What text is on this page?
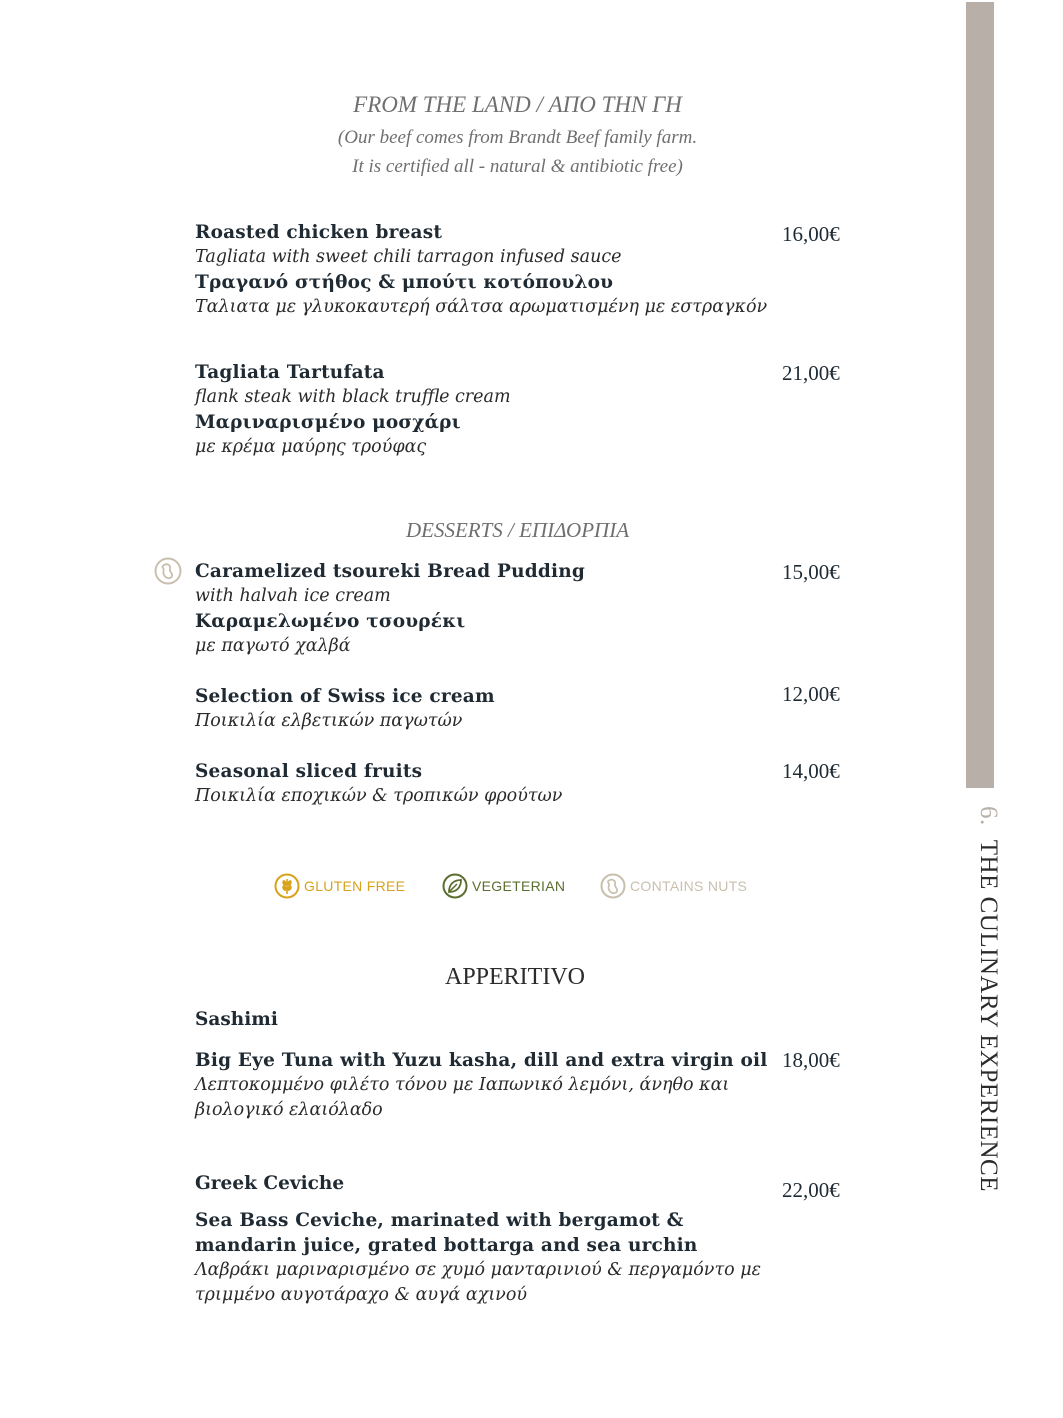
6.THE CULINARY EXPERIENCE
FROM THE LAND / ΑΠΟ ΤΗΝ ΓΗ
(Our beef comes from Brandt Beef family farm.
It is certified all - natural & antibiotic free)
Roasted chicken breast
Tagliata with sweet chili tarragon infused sauce
Τραγανό στήθος & μπούτι κοτόπουλου
Ταλιατα με γλυκοκαυτερή σάλτσα αρωματισμένη με εστραγκόν
16,00€
Tagliata Tartufata
flank steak with black truffle cream
Μαριναρισμένο μοσχάρι
με κρέμα μαύρης τρούφας
21,00€
DESSERTS / ΕΠΙΔΟΡΠΙΑ
Caramelized tsoureki Bread Pudding
with halvah ice cream
Καραμελωμένο τσουρέκι
με παγωτό χαλβά
15,00€
Selection of Swiss ice cream
Ποικιλία ελβετικών παγωτών
12,00€
Seasonal sliced fruits
Ποικιλία εποχικών & τροπικών φρούτων
14,00€
GLUTEN FREE	VEGETERIAN	CONTAINS NUTS
APPERITIVO
Sashimi
Big Eye Tuna with Yuzu kasha, dill and extra virgin oil
Λεπτοκομμένο φιλέτο τόνου με Ιαπωνικό λεμόνι, άνηθο και βιολογικό ελαιόλαδο
18,00€
Greek Ceviche
Sea Bass Ceviche, marinated with bergamot & mandarin juice, grated bottarga and sea urchin
Λαβράκι μαριναρισμένο σε χυμό μανταρινιού & περγαμόντο με τριμμένο αυγοτάραχο & αυγά αχινού
22,00€
